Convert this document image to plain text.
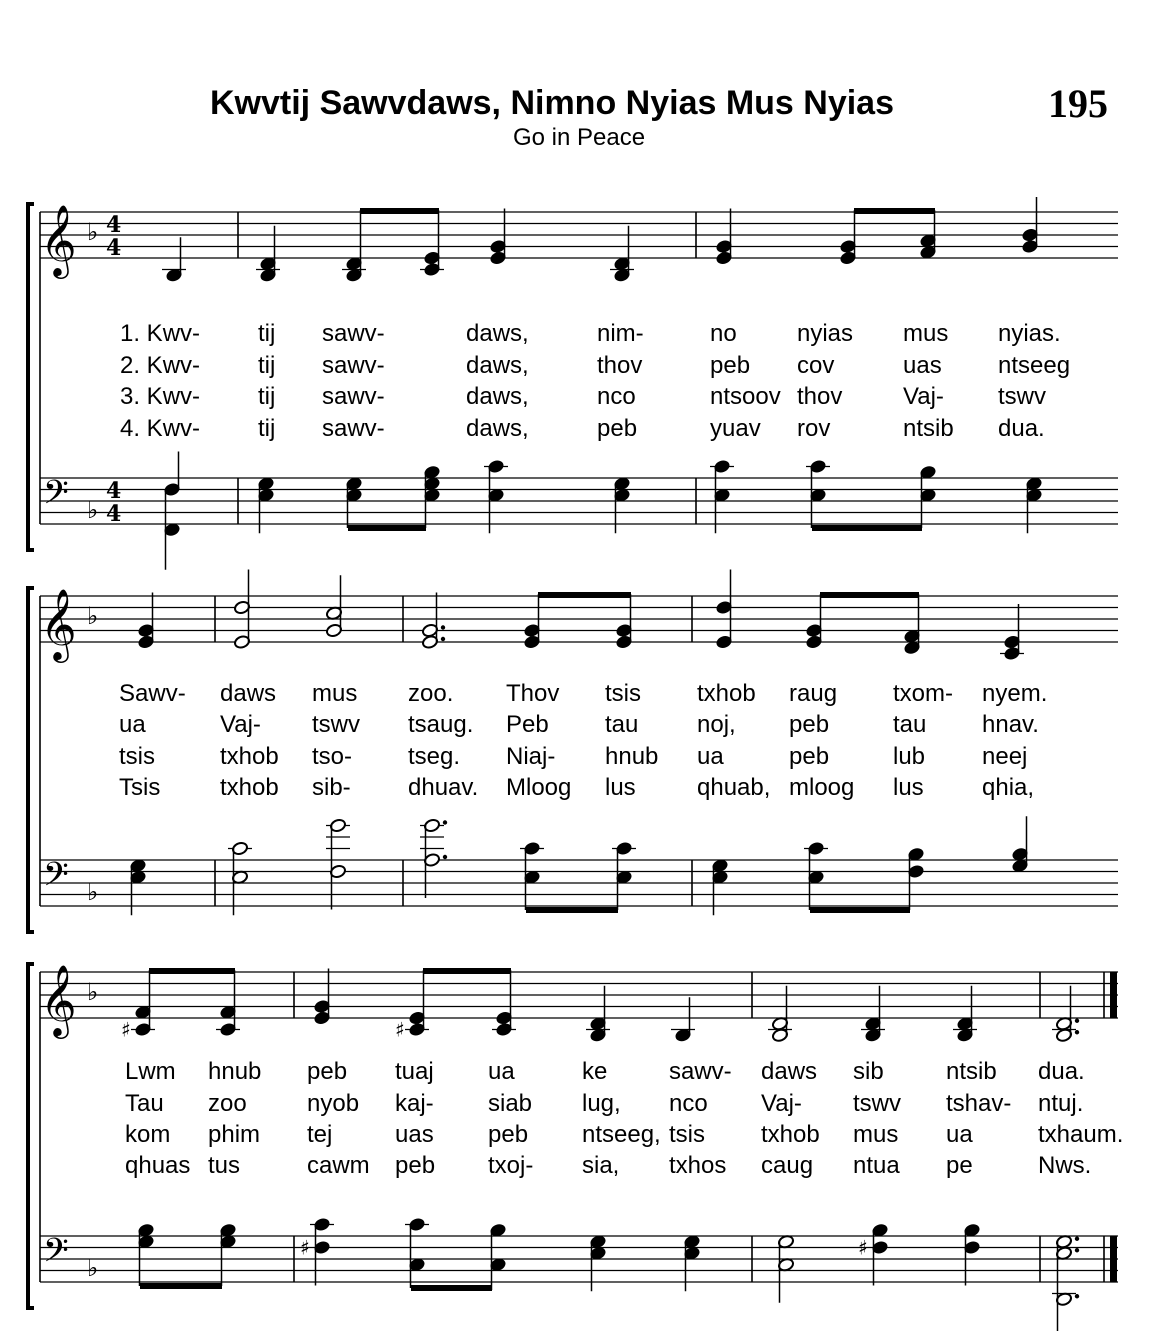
Kwvtij Sawvdaws, Nimno Nyias Mus Nyias	195
Go in Peace
𝄞
𝄢
♭
♭
4
4
4
4
1. Kwv- tij sawv-	daws,	nim-	no	nyias mus nyias.
2. Kwv- tij sawv-	daws,	thov	peb cov	uas ntseeg
3. Kwv- tij sawv-	daws,	nco	ntsoov thov	Vaj- tswv
4. Kwv- tij sawv-	daws,	peb	yuav rov	ntsib dua.
𝄞
𝄢
♭
♭
Sawv- daws mus zoo. Thov tsis txhob raug txom- nyem.
ua	Vaj- tswv tsaug. Peb tau noj, peb	tau hnav.
tsis	txhob tso- tseg. Niaj- hnub ua	peb	lub neej
Tsis txhob sib- dhuav. Mloog lus	qhuab, mloog lus qhia,
𝄞
𝄢
♭
♭
♯	♯
♯	♯
Lwm hnub peb tuaj ua	ke	sawv- daws sib	ntsib dua.
Tau zoo	nyob kaj- siab lug, nco Vaj- tswv tshav- ntuj.
kom phim tej	uas peb ntseeg, tsis txhob mus ua	txhaum.
qhuas tus	cawm peb txoj- sia, txhos caug ntua pe	Nws.
